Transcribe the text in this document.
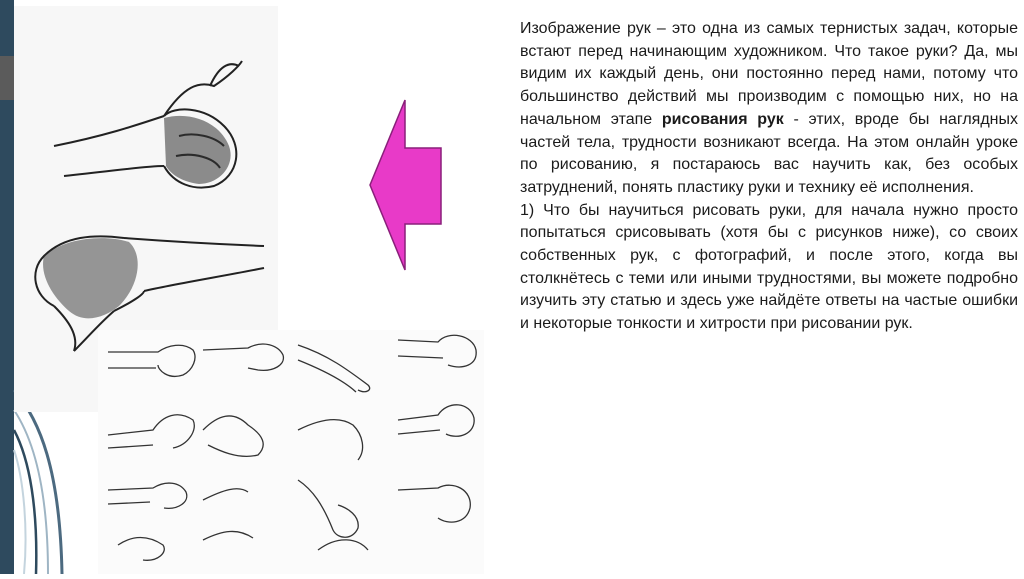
Изображение рук – это одна из самых тернистых задач, которые встают перед начинающим художником. Что такое руки? Да, мы видим их каждый день, они постоянно перед нами, потому что большинство действий мы производим с помощью них, но на начальном этапе рисования рук - этих, вроде бы наглядных частей тела, трудности возникают всегда. На этом онлайн уроке по рисованию, я постараюсь вас научить как, без особых затруднений, понять пластику руки и технику её исполнения.

1) Что бы научиться рисовать руки, для начала нужно просто попытаться срисовывать (хотя бы с рисунков ниже), со своих собственных рук, с фотографий, и после этого, когда вы столкнётесь с теми или иными трудностями, вы можете подробно изучить эту статью и здесь уже найдёте ответы на частые ошибки и некоторые тонкости и хитрости при рисовании рук.
